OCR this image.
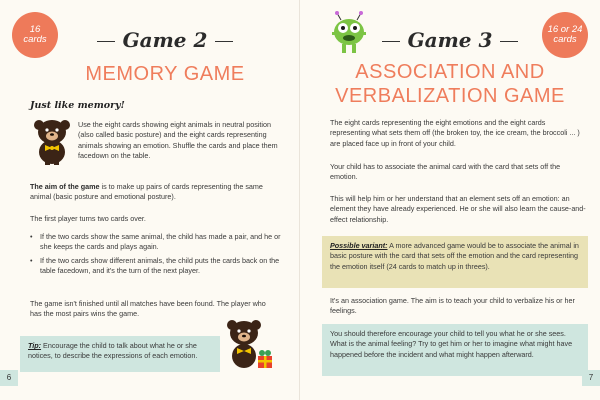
16
cards	Game 2
MEMORY GAME
Just like memory!
Use the eight cards showing eight animals in neutral position (also called basic posture) and the eight cards representing animals showing an emotion. Shuffle the cards and place them facedown on the table.
The aim of the game is to make up pairs of cards representing the same animal (basic posture and emotional posture).
The first player turns two cards over.
• If the two cards show the same animal, the child has made a pair, and he or she keeps the cards and plays again.
• If the two cards show different animals, the child puts the cards back on the table facedown, and it's the turn of the next player.
The game isn't finished until all matches have been found. The player who has the most pairs wins the game.
Tip: Encourage the child to talk about what he or she notices, to describe the expressions of each emotion.
6
Game 3	16 or 24
cards
ASSOCIATION AND
VERBALIZATION GAME
The eight cards representing the eight emotions and the eight cards representing what sets them off (the broken toy, the ice cream, the broccoli ... ) are placed face up in front of your child.
Your child has to associate the animal card with the card that sets off the emotion.
This will help him or her understand that an element sets off an emotion: an element they have already experienced. He or she will also learn the cause-and-effect relationship.
Possible variant: A more advanced game would be to associate the animal in basic posture with the card that sets off the emotion and the card representing the emotion itself (24 cards to match up in threes).
It's an association game. The aim is to teach your child to verbalize his or her feelings.
You should therefore encourage your child to tell you what he or she sees. What is the animal feeling? Try to get him or her to imagine what might have happened before the incident and what might happen afterward.
7
